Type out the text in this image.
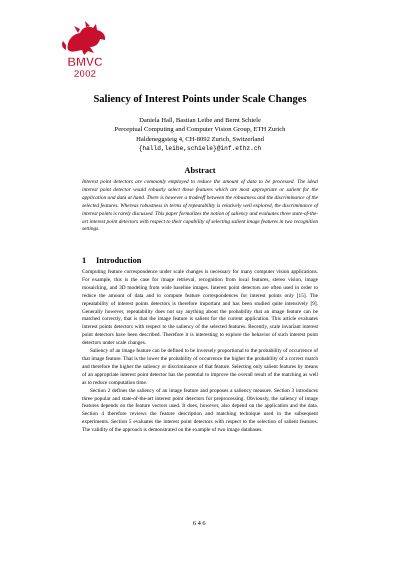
BMVC
2002
Saliency of Interest Points under Scale Changes
Daniela Hall, Bastian Leibe and Bernt Schiele
Perceptual Computing and Computer Vision Group, ETH Zurich
Haldeneggsteig 4, CH-8092 Zurich, Switzerland
{halld,leibe,schiele}@inf.ethz.ch
Abstract
Interest point detectors are commonly employed to reduce the amount of data to be processed. The ideal interest point detector would robustly select those features which are most appropriate or salient for the application and data at hand. There is however a tradeoff between the robustness and the discriminance of the selected features. Whereas robustness in terms of repeatability is relatively well explored, the discriminance of interest points is rarely discussed. This paper formalizes the notion of saliency and evaluates three state-of-the-art interest point detectors with respect to their capability of selecting salient image features in two recognition settings.
1 Introduction

Computing feature correspondence under scale changes is necessary for many computer vision applications. For example, this is the case for image retrieval, recognition from local features, stereo vision, image mosaicking, and 3D modeling from wide baseline images. Interest point detectors are often used in order to reduce the amount of data and to compute feature correspondences for interest points only [15]. The repeatability of interest points detectors is therefore important and has been studied quite intensively [9]. Generally however, repeatability does not say anything about the probability that an image feature can be matched correctly, that is that the image feature is salient for the current application. This article evaluates interest points detectors with respect to the saliency of the selected features. Recently, scale invariant interest point detectors have been described. Therefore it is interesting to explore the behavior of such interest point detectors under scale changes.

Saliency of an image feature can be defined to be inversely proportional to the probability of occurrence of that image feature. That is the lower the probability of occurrence the higher the probability of a correct match and therefore the higher the saliency or discriminance of that feature. Selecting only salient features by means of an appropriate interest point detector has the potential to improve the overall result of the matching as well as to reduce computation time.

Section 2 defines the saliency of an image feature and proposes a saliency measure. Section 3 introduces three popular and state-of-the-art interest point detectors for preprocessing. Obviously, the saliency of image features depends on the feature vectors used. It does, however, also depend on the application and the data. Section 4 therefore reviews the feature description and matching technique used in the subsequent experiments. Section 5 evaluates the interest point detectors with respect to the selection of salient features. The validity of the approach is demonstrated on the example of two image databases.

646
